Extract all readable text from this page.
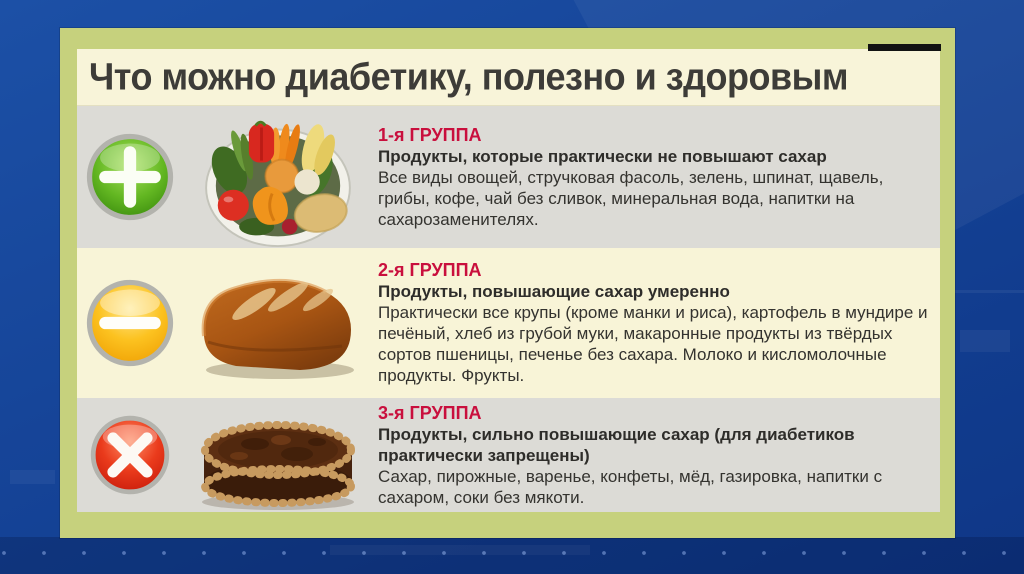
Что можно диабетику, полезно и здоровым
1-я ГРУППА
Продукты, которые практически не повышают сахар
Все виды овощей, стручковая фасоль, зелень, шпинат, щавель, грибы, кофе, чай без сливок, минеральная вода, напитки на сахарозаменителях.
2-я ГРУППА
Продукты, повышающие сахар умеренно
Практически все крупы (кроме манки и риса), картофель в мундире и печёный, хлеб из грубой муки, макаронные продукты из твёрдых сортов пшеницы, печенье без сахара. Молоко и кисломолочные продукты. Фрукты.
3-я ГРУППА
Продукты, сильно повышающие сахар (для диабетиков практически запрещены)
Сахар, пирожные, варенье, конфеты, мёд, газировка, напитки с сахаром, соки без мякоти.
